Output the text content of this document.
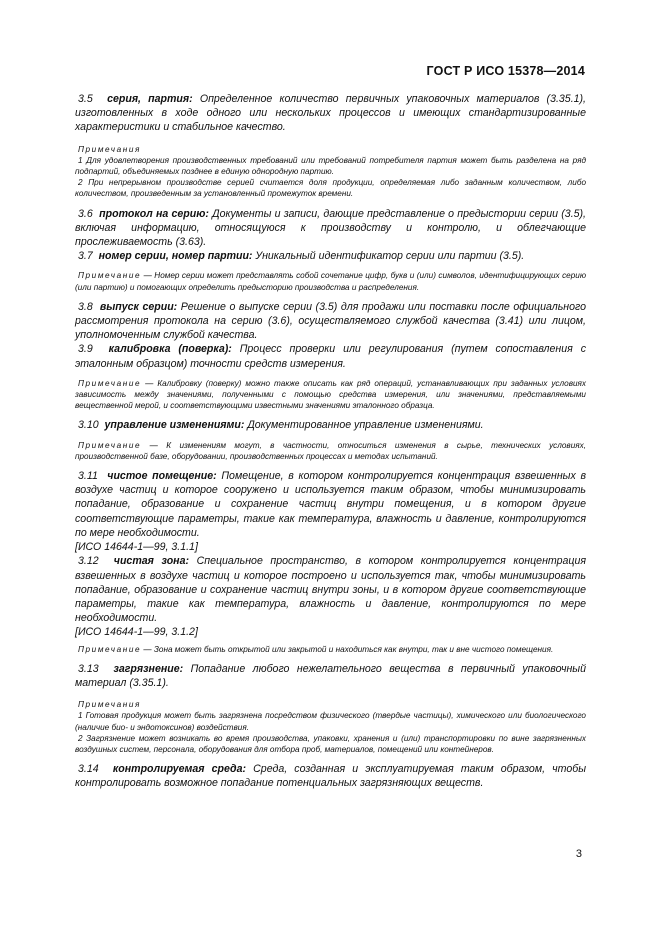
ГОСТ Р ИСО 15378—2014

3.5 серия, партия: Определенное количество первичных упаковочных материалов (3.35.1), изготовленных в ходе одного или нескольких процессов и имеющих стандартизированные характеристики и стабильное качество.

Примечания

1 Для удовлетворения производственных требований или требований потребителя партия может быть разделена на ряд подпартий, объединяемых позднее в единую однородную партию.

2 При непрерывном производстве серией считается доля продукции, определяемая либо заданным количеством, либо количеством, произведенным за установленный промежуток времени.

3.6 протокол на серию: Документы и записи, дающие представление о предыстории серии (3.5), включая информацию, относящуюся к производству и контролю, и облегчающие прослеживаемость (3.63).

3.7 номер серии, номер партии: Уникальный идентификатор серии или партии (3.5).

Примечание — Номер серии может представлять собой сочетание цифр, букв и (или) символов, идентифицирующих серию (или партию) и помогающих определить предысторию производства и распределения.

3.8 выпуск серии: Решение о выпуске серии (3.5) для продажи или поставки после официального рассмотрения протокола на серию (3.6), осуществляемого службой качества (3.41) или лицом, уполномоченным службой качества.

3.9 калибровка (поверка): Процесс проверки или регулирования (путем сопоставления с эталонным образцом) точности средств измерения.

Примечание — Калибровку (поверку) можно также описать как ряд операций, устанавливающих при заданных условиях зависимость между значениями, полученными с помощью средства измерения, или значениями, представляемыми вещественной мерой, и соответствующими известными значениями эталонного образца.

3.10 управление изменениями: Документированное управление изменениями.

Примечание — К изменениям могут, в частности, относиться изменения в сырье, технических условиях, производственной базе, оборудовании, производственных процессах и методах испытаний.

3.11 чистое помещение: Помещение, в котором контролируется концентрация взвешенных в воздухе частиц и которое сооружено и используется таким образом, чтобы минимизировать попадание, образование и сохранение частиц внутри помещения, и в котором другие соответствующие параметры, такие как температура, влажность и давление, контролируются по мере необходимости.

[ИСО 14644-1—99, 3.1.1]

3.12 чистая зона: Специальное пространство, в котором контролируется концентрация взвешенных в воздухе частиц и которое построено и используется так, чтобы минимизировать попадание, образование и сохранение частиц внутри зоны, и в котором другие соответствующие параметры, такие как температура, влажность и давление, контролируются по мере необходимости.

[ИСО 14644-1—99, 3.1.2]

Примечание — Зона может быть открытой или закрытой и находиться как внутри, так и вне чистого помещения.

3.13 загрязнение: Попадание любого нежелательного вещества в первичный упаковочный материал (3.35.1).

Примечания

1 Готовая продукция может быть загрязнена посредством физического (твердые частицы), химического или биологического (наличие био- и эндотоксинов) воздействия.

2 Загрязнение может возникать во время производства, упаковки, хранения и (или) транспортировки по вине загрязненных воздушных систем, персонала, оборудования для отбора проб, материалов, помещений или контейнеров.

3.14 контролируемая среда: Среда, созданная и эксплуатируемая таким образом, чтобы контролировать возможное попадание потенциальных загрязняющих веществ.

3
